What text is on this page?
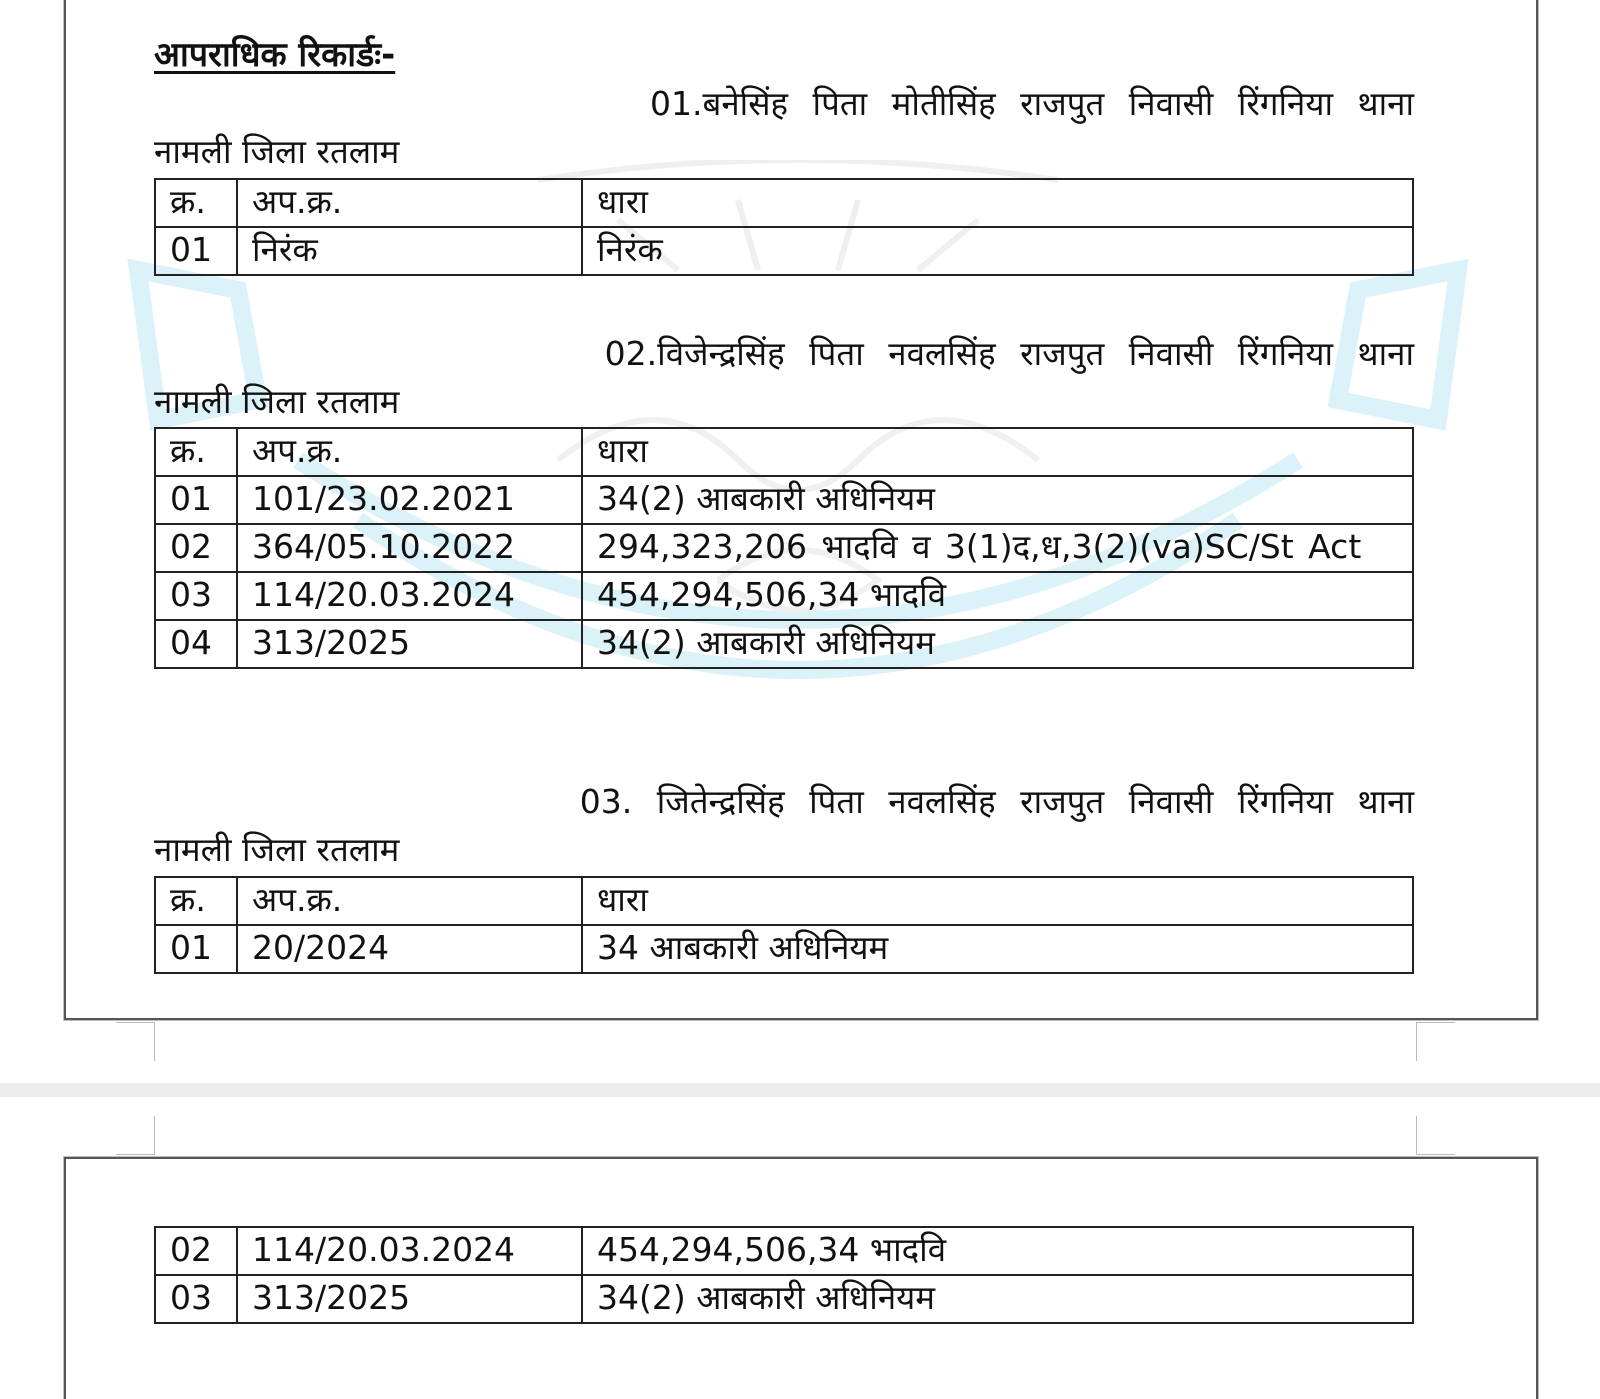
आपराधिक रिकार्डः-
01.बनेसिंह पिता मोतीसिंह राजपुत निवासी रिंगनिया थाना
नामली जिला रतलाम
क्र.	अप.क्र.	धारा
01	निरंक	निरंक
02.विजेन्द्रसिंह पिता नवलसिंह राजपुत निवासी रिंगनिया थाना
नामली जिला रतलाम
क्र.	अप.क्र.	धारा
01	101/23.02.2021	34(2) आबकारी अधिनियम
02	364/05.10.2022	294,323,206 भादवि व 3(1)द,ध,3(2)(va)SC/St Act
03	114/20.03.2024	454,294,506,34 भादवि
04	313/2025	34(2) आबकारी अधिनियम
03. जितेन्द्रसिंह पिता नवलसिंह राजपुत निवासी रिंगनिया थाना
नामली जिला रतलाम
क्र.	अप.क्र.	धारा
01	20/2024	34 आबकारी अधिनियम
02	114/20.03.2024	454,294,506,34 भादवि
03	313/2025	34(2) आबकारी अधिनियम
